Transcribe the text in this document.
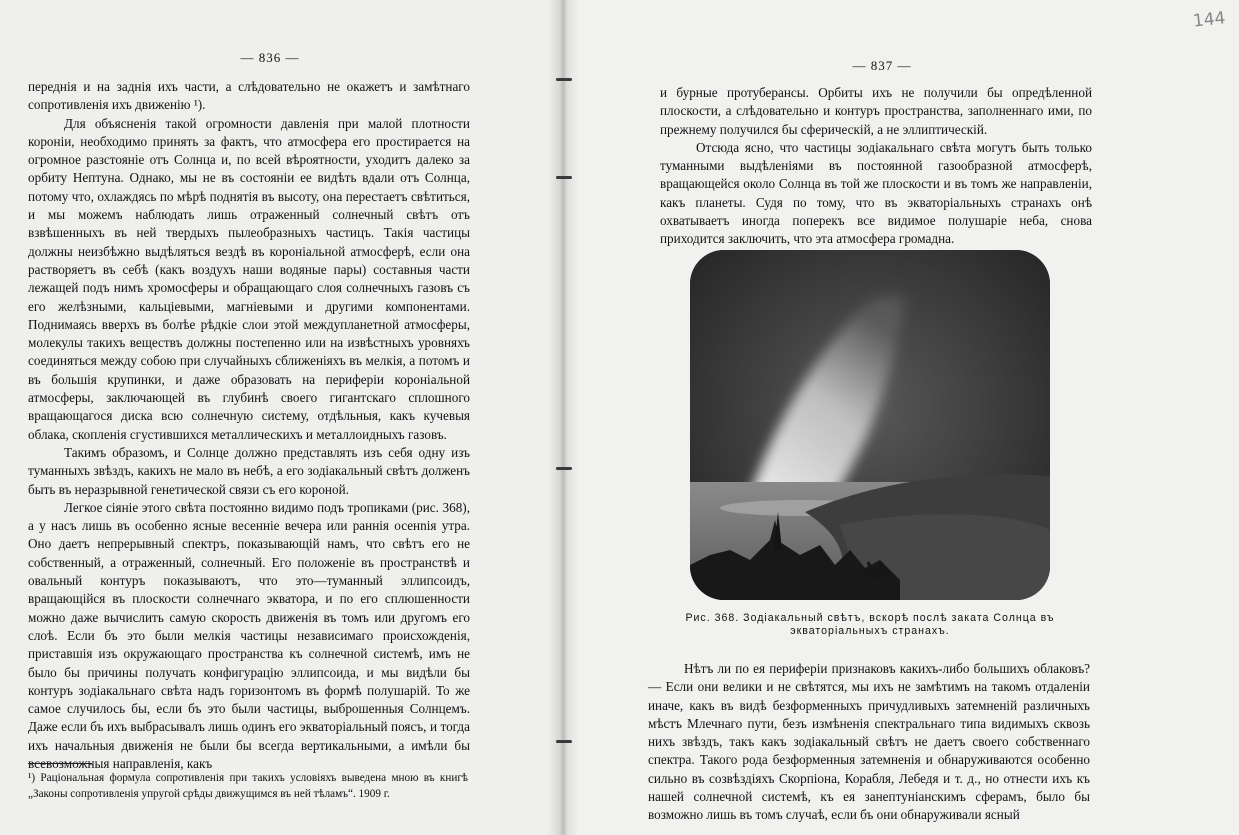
— 836 —

переднія и на заднія ихъ части, а слѣдовательно не окажетъ и замѣтнаго сопротивленія ихъ движенію ¹).

Для объясненія такой огромности давленія при малой плотности короніи, необходимо принять за фактъ, что атмосфера его простирается на огромное разстояніе отъ Солнца и, по всей вѣроятности, уходитъ далеко за орбиту Нептуна. Однако, мы не въ состояніи ее видѣть вдали отъ Солнца, потому что, охлаждясь по мѣрѣ поднятія въ высоту, она перестаетъ свѣтиться, и мы можемъ наблюдать лишь отраженный солнечный свѣтъ отъ взвѣшенныхъ въ ней твердыхъ пылеобразныхъ частицъ. Такія частицы должны неизбѣжно выдѣляться вездѣ въ короніальной атмосферѣ, если она растворяетъ въ себѣ (какъ воздухъ наши водяные пары) составныя части лежащей подъ нимъ хромосферы и обращающаго слоя солнечныхъ газовъ съ его желѣзными, кальціевыми, магніевыми и другими компонентами. Поднимаясь вверхъ въ болѣе рѣдкіе слои этой междупланетной атмосферы, молекулы такихъ веществъ должны постепенно или на извѣстныхъ уровняхъ соединяться между собою при случайныхъ сближеніяхъ въ мелкія, а потомъ и въ большія крупинки, и даже образовать на периферіи короніальной атмосферы, заключающей въ глубинѣ своего гигантскаго сплошного вращающагося диска всю солнечную систему, отдѣльныя, какъ кучевыя облака, скопленія сгустившихся металлическихъ и металлоидныхъ газовъ.

Такимъ образомъ, и Солнце должно представлять изъ себя одну изъ туманныхъ звѣздъ, какихъ не мало въ небѣ, а его зодіакальный свѣтъ долженъ быть въ неразрывной генетической связи съ его короной.

Легкое сіяніе этого свѣта постоянно видимо подъ тропиками (рис. 368), а у насъ лишь въ особенно ясные весенніе вечера или раннія осенniя утра. Оно даетъ непрерывный спектръ, показывающій намъ, что свѣтъ его не собственный, а отраженный, солнечный. Его положеніе въ пространствѣ и овальный контуръ показываютъ, что это—туманный эллипсоидъ, вращающійся въ плоскости солнечнаго экватора, и по его сплюшенности можно даже вычислить самую скорость движенія въ томъ или другомъ его слоѣ. Если бъ это были мелкія частицы независимаго происхожденія, приставшія изъ окружающаго пространства къ солнечной системѣ, имъ не было бы причины получать конфигурацію эллипсоида, и мы видѣли бы контуръ зодіакальнаго свѣта надъ горизонтомъ въ формѣ полушарій. То же самое случилось бы, если бъ это были частицы, выброшенныя Солнцемъ. Даже если бъ ихъ выбрасывалъ лишь одинъ его экваторіальный поясъ, и тогда ихъ начальныя движенія не были бы всегда вертикальными, а имѣли бы всевозможныя направленія, какъ

¹) Раціональная формула сопротивленія при такихъ условіяхъ выведена мною въ книгѣ „Законы сопротивленія упругой срѣды движущимся въ ней тѣламъ“. 1909 г.
144
— 837 —

и бурные протуберансы. Орбиты ихъ не получили бы опредѣленной плоскости, а слѣдовательно и контуръ пространства, заполненнаго ими, по прежнему получился бы сферическій, а не эллиптическій.

Отсюда ясно, что частицы зодіакальнаго свѣта могутъ быть только туманными выдѣленіями въ постоянной газообразной атмосферѣ, вращающейся около Солнца въ той же плоскости и въ томъ же направленіи, какъ планеты. Судя по тому, что въ экваторіальныхъ странахъ онѣ охватываетъ иногда поперекъ все видимое полушаріе неба, снова приходится заключить, что эта атмосфера громадна.

Рис. 368. Зодіакальный свѣтъ, вскорѣ послѣ заката Солнца въ
экваторіальныхъ странахъ.

Нѣтъ ли по ея периферіи признаковъ какихъ-либо большихъ облаковъ? — Если они велики и не свѣтятся, мы ихъ не замѣтимъ на такомъ отдаленіи иначе, какъ въ видѣ безформенныхъ причудливыхъ затемненій различныхъ мѣстъ Млечнаго пути, безъ измѣненія спектральнаго типа видимыхъ сквозь нихъ звѣздъ, такъ какъ зодіакальный свѣтъ не даетъ своего собственнаго спектра. Такого рода безформенныя затемненія и обнаруживаются особенно сильно въ созвѣздіяхъ Скорпіона, Корабля, Лебедя и т. д., но отнести ихъ къ нашей солнечной системѣ, къ ея занептуніанскимъ сферамъ, было бы возможно лишь въ томъ случаѣ, если бъ они обнаруживали ясный
